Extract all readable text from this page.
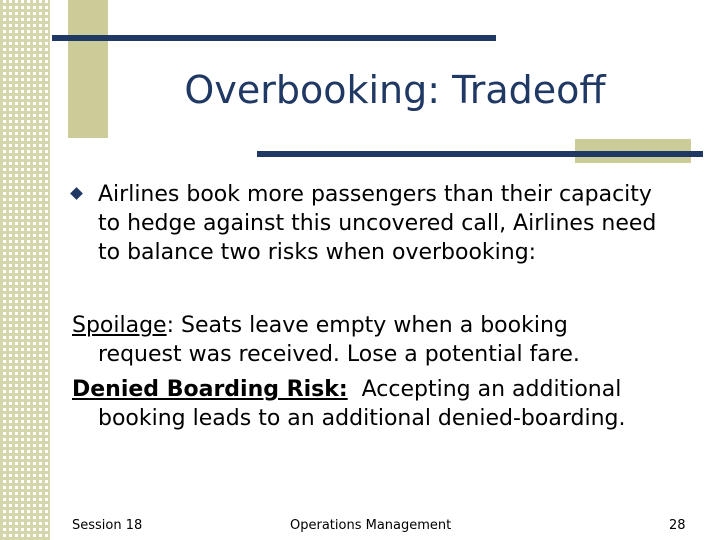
Overbooking: Tradeoff
Airlines book more passengers than their capacity
to hedge against this uncovered call, Airlines need
to balance two risks when overbooking:
Spoilage: Seats leave empty when a booking
request was received. Lose a potential fare.
Denied Boarding Risk:  Accepting an additional
booking leads to an additional denied-boarding.
Session 18	Operations Management	28
